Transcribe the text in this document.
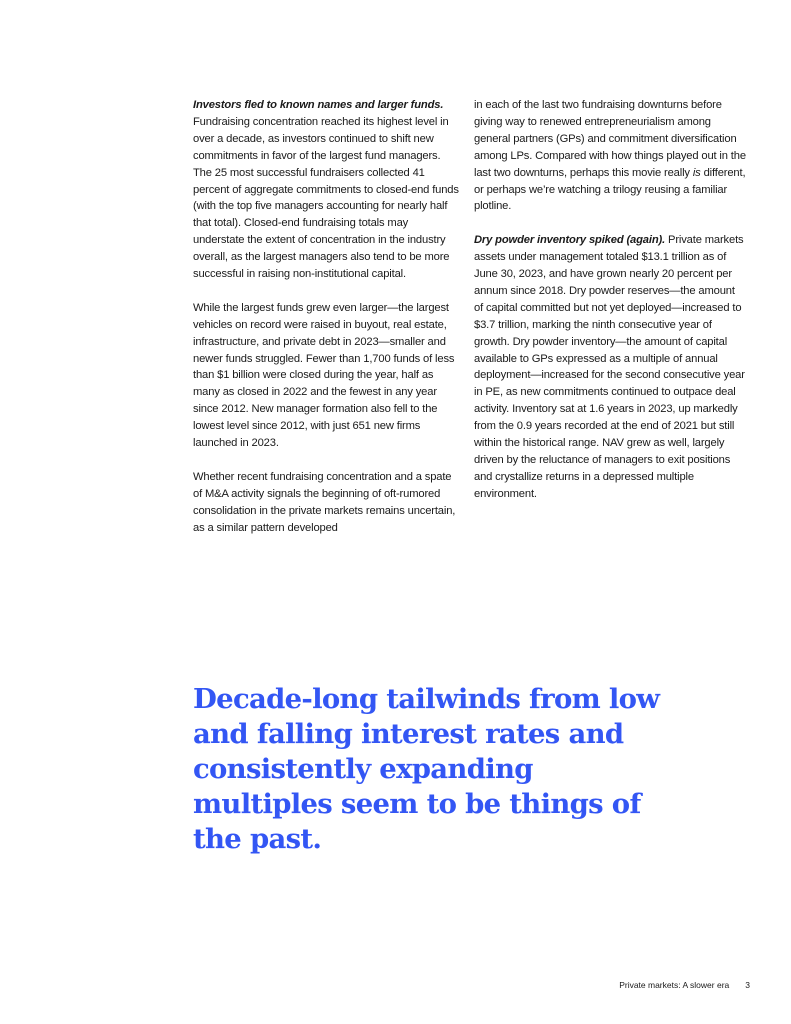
Investors fled to known names and larger funds. Fundraising concentration reached its highest level in over a decade, as investors continued to shift new commitments in favor of the largest fund managers. The 25 most successful fundraisers collected 41 percent of aggregate commitments to closed-end funds (with the top five managers accounting for nearly half that total). Closed-end fundraising totals may understate the extent of concentration in the industry overall, as the largest managers also tend to be more successful in raising non-institutional capital.

While the largest funds grew even larger—the largest vehicles on record were raised in buyout, real estate, infrastructure, and private debt in 2023—smaller and newer funds struggled. Fewer than 1,700 funds of less than $1 billion were closed during the year, half as many as closed in 2022 and the fewest in any year since 2012. New manager formation also fell to the lowest level since 2012, with just 651 new firms launched in 2023.

Whether recent fundraising concentration and a spate of M&A activity signals the beginning of oft-rumored consolidation in the private markets remains uncertain, as a similar pattern developed

in each of the last two fundraising downturns before giving way to renewed entrepreneurialism among general partners (GPs) and commitment diversification among LPs. Compared with how things played out in the last two downturns, perhaps this movie really is different, or perhaps we’re watching a trilogy reusing a familiar plotline.

Dry powder inventory spiked (again). Private markets assets under management totaled $13.1 trillion as of June 30, 2023, and have grown nearly 20 percent per annum since 2018. Dry powder reserves—the amount of capital committed but not yet deployed—increased to $3.7 trillion, marking the ninth consecutive year of growth. Dry powder inventory—the amount of capital available to GPs expressed as a multiple of annual deployment—increased for the second consecutive year in PE, as new commitments continued to outpace deal activity. Inventory sat at 1.6 years in 2023, up markedly from the 0.9 years recorded at the end of 2021 but still within the historical range. NAV grew as well, largely driven by the reluctance of managers to exit positions and crystallize returns in a depressed multiple environment.

Decade-long tailwinds from low and falling interest rates and consistently expanding multiples seem to be things of the past.
Private markets: A slower era 3
